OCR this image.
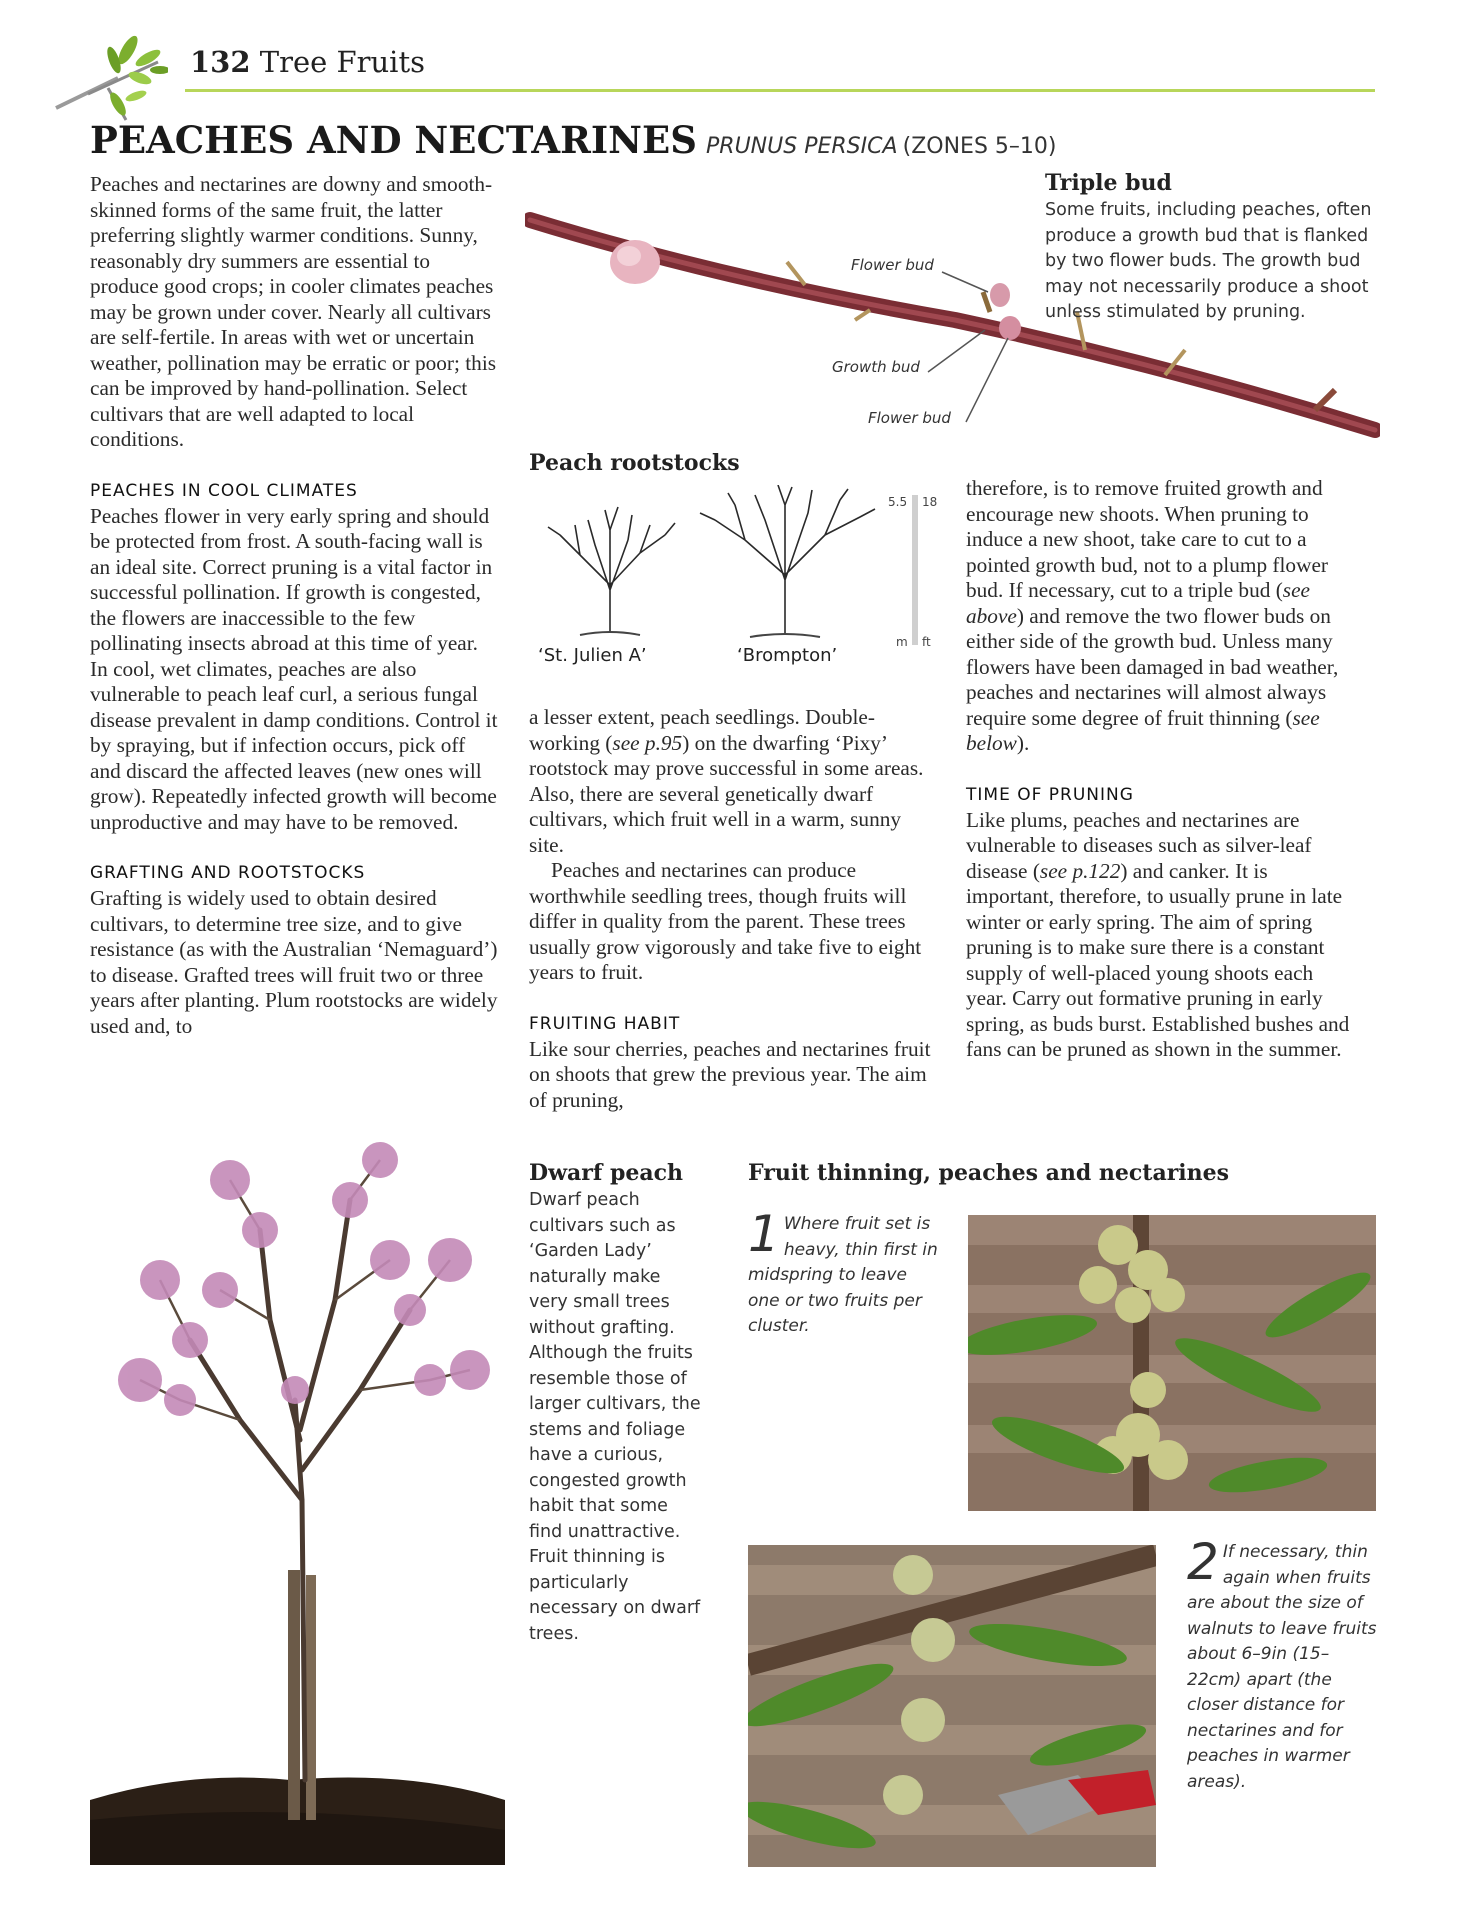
132 Tree Fruits
PEACHES AND NECTARINES PRUNUS PERSICA (ZONES 5–10)

Peaches and nectarines are downy and smooth-skinned forms of the same fruit, the latter preferring slightly warmer conditions. Sunny, reasonably dry summers are essential to produce good crops; in cooler climates peaches may be grown under cover. Nearly all cultivars are self-fertile. In areas with wet or uncertain weather, pollination may be erratic or poor; this can be improved by hand-pollination. Select cultivars that are well adapted to local conditions.

PEACHES IN COOL CLIMATES

Peaches flower in very early spring and should be protected from frost. A south-facing wall is an ideal site. Correct pruning is a vital factor in successful pollination. If growth is congested, the flowers are inaccessible to the few pollinating insects abroad at this time of year. In cool, wet climates, peaches are also vulnerable to peach leaf curl, a serious fungal disease prevalent in damp conditions. Control it by spraying, but if infection occurs, pick off and discard the affected leaves (new ones will grow). Repeatedly infected growth will become unproductive and may have to be removed.

GRAFTING AND ROOTSTOCKS

Grafting is widely used to obtain desired cultivars, to determine tree size, and to give resistance (as with the Australian ‘Nemaguard’) to disease. Grafted trees will fruit two or three years after planting. Plum rootstocks are widely used and, to

Flower bud
Growth bud
Flower bud
Triple bud
Some fruits, including peaches, often produce a growth bud that is flanked by two flower buds. The growth bud may not necessarily produce a shoot unless stimulated by pruning.
Peach rootstocks
5.5 18
m ft
‘St. Julien A’	‘Brompton’

a lesser extent, peach seedlings. Double-working (see p.95) on the dwarfing ‘Pixy’ rootstock may prove successful in some areas. Also, there are several genetically dwarf cultivars, which fruit well in a warm, sunny site.

Peaches and nectarines can produce worthwhile seedling trees, though fruits will differ in quality from the parent. These trees usually grow vigorously and take five to eight years to fruit.

FRUITING HABIT

Like sour cherries, peaches and nectarines fruit on shoots that grew the previous year. The aim of pruning,

therefore, is to remove fruited growth and encourage new shoots. When pruning to induce a new shoot, take care to cut to a pointed growth bud, not to a plump flower bud. If necessary, cut to a triple bud (see above) and remove the two flower buds on either side of the growth bud. Unless many flowers have been damaged in bad weather, peaches and nectarines will almost always require some degree of fruit thinning (see below).

TIME OF PRUNING

Like plums, peaches and nectarines are vulnerable to diseases such as silver-leaf disease (see p.122) and canker. It is important, therefore, to usually prune in late winter or early spring. The aim of spring pruning is to make sure there is a constant supply of well-placed young shoots each year. Carry out formative pruning in early spring, as buds burst. Established bushes and fans can be pruned as shown in the summer.

Dwarf peach
Dwarf peach cultivars such as ‘Garden Lady’ naturally make very small trees without grafting. Although the fruits resemble those of larger cultivars, the stems and foliage have a curious, congested growth habit that some find unattractive. Fruit thinning is particularly necessary on dwarf trees.
Fruit thinning, peaches and nectarines
1 Where fruit set is heavy, thin first in midspring to leave one or two fruits per cluster.
2 If necessary, thin again when fruits are about the size of walnuts to leave fruits about 6–9in (15–22cm) apart (the closer distance for nectarines and for peaches in warmer areas).
